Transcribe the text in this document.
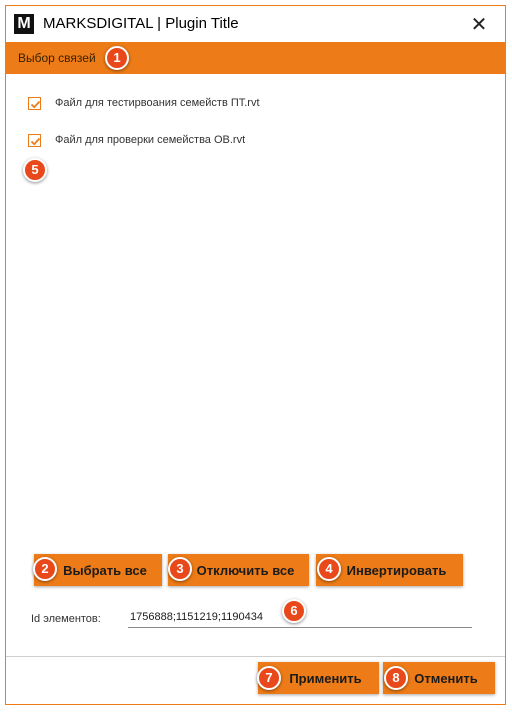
M MARKSDIGITAL | Plugin Title	✕
Выбор связей	1
Файл для тестирвоания семейств ПТ.rvt
Файл для проверки семейства ОВ.rvt
5
Выбрать все
2	Отключить все
3	Инвертировать
4
Id элементов:
1756888;1151219;1190434
6
Применить
7	Отменить
8
